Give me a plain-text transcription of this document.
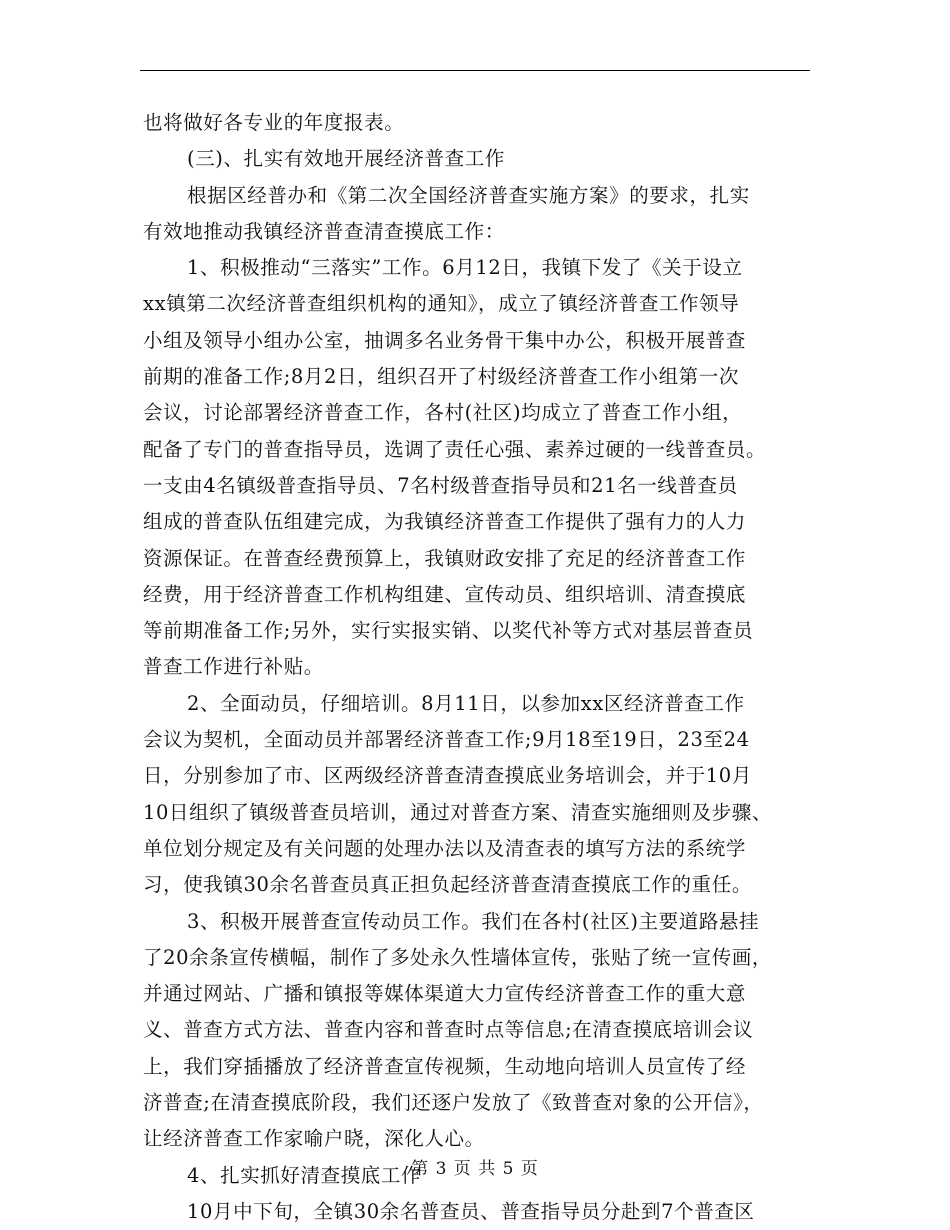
也将做好各专业的年度报表。
(三)、扎实有效地开展经济普查工作
根据区经普办和《第二次全国经济普查实施方案》的要求，扎实
有效地推动我镇经济普查清查摸底工作：
1、积极推动“三落实”工作。6月12日，我镇下发了《关于设立
xx镇第二次经济普查组织机构的通知》，成立了镇经济普查工作领导
小组及领导小组办公室，抽调多名业务骨干集中办公，积极开展普查
前期的准备工作;8月2日，组织召开了村级经济普查工作小组第一次
会议，讨论部署经济普查工作，各村(社区)均成立了普查工作小组，
配备了专门的普查指导员，选调了责任心强、素养过硬的一线普查员。
一支由4名镇级普查指导员、7名村级普查指导员和21名一线普查员
组成的普查队伍组建完成，为我镇经济普查工作提供了强有力的人力
资源保证。在普查经费预算上，我镇财政安排了充足的经济普查工作
经费，用于经济普查工作机构组建、宣传动员、组织培训、清查摸底
等前期准备工作;另外，实行实报实销、以奖代补等方式对基层普查员
普查工作进行补贴。
2、全面动员，仔细培训。8月11日，以参加xx区经济普查工作
会议为契机，全面动员并部署经济普查工作;9月18至19日，23至24
日，分别参加了市、区两级经济普查清查摸底业务培训会，并于10月
10日组织了镇级普查员培训，通过对普查方案、清查实施细则及步骤、
单位划分规定及有关问题的处理办法以及清查表的填写方法的系统学
习，使我镇30余名普查员真正担负起经济普查清查摸底工作的重任。
3、积极开展普查宣传动员工作。我们在各村(社区)主要道路悬挂
了20余条宣传横幅，制作了多处永久性墙体宣传，张贴了统一宣传画，
并通过网站、广播和镇报等媒体渠道大力宣传经济普查工作的重大意
义、普查方式方法、普查内容和普查时点等信息;在清查摸底培训会议
上，我们穿插播放了经济普查宣传视频，生动地向培训人员宣传了经
济普查;在清查摸底阶段，我们还逐户发放了《致普查对象的公开信》，
让经济普查工作家喻户晓，深化人心。
4、扎实抓好清查摸底工作
10月中下旬，全镇30余名普查员、普查指导员分赴到7个普查区
第 3 页 共 5 页
